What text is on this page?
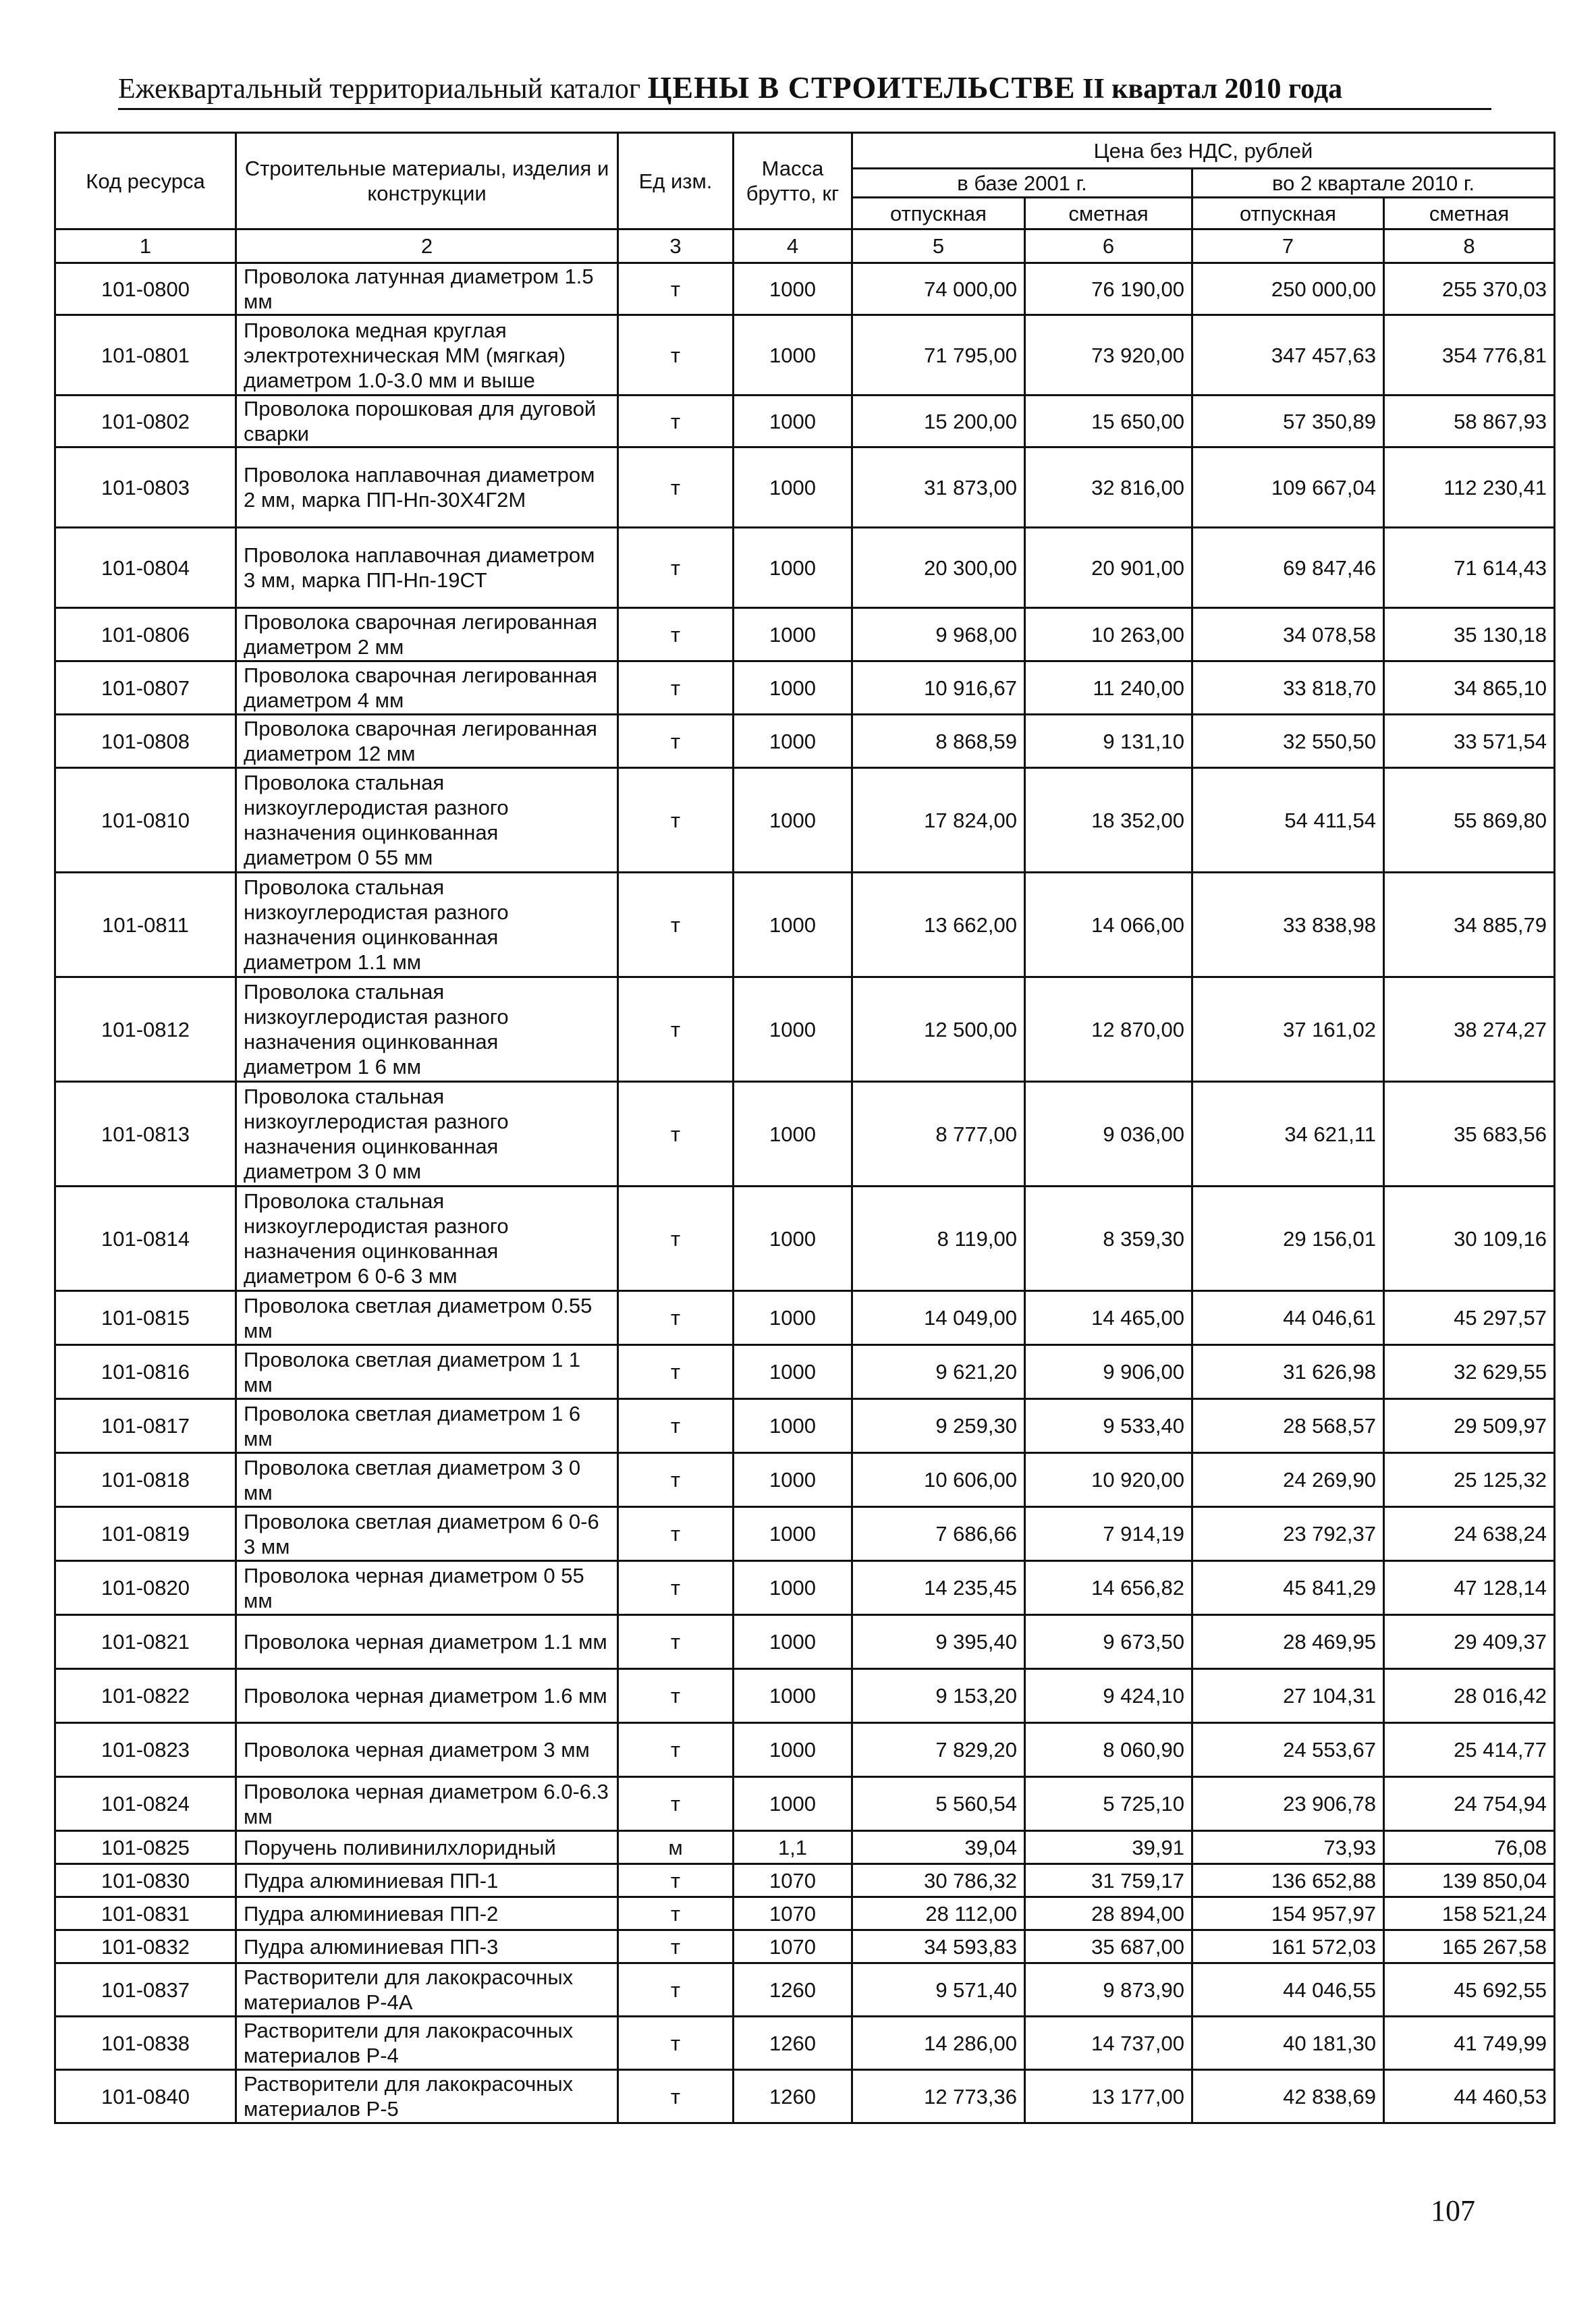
Ежеквартальный территориальный каталог ЦЕНЫ В СТРОИТЕЛЬСТВЕ II квартал 2010 года
Код ресурса	Строительные материалы, изделия и конструкции	Ед изм.	Масса брутто, кг	Цена без НДС, рублей			
				в базе 2001 г.		во 2 квартале 2010 г.	
				отпускная	сметная	отпускная	сметная
1	2	3	4	5	6	7	8
101-0800	Проволока латунная диаметром 1.5 мм	т	1000	74 000,00	76 190,00	250 000,00	255 370,03
101-0801	Проволока медная круглая электротехническая ММ (мягкая) диаметром 1.0-3.0 мм и выше	т	1000	71 795,00	73 920,00	347 457,63	354 776,81
101-0802	Проволока порошковая для дуговой сварки	т	1000	15 200,00	15 650,00	57 350,89	58 867,93
101-0803	Проволока наплавочная диаметром 2 мм, марка ПП-Нп-30Х4Г2М	т	1000	31 873,00	32 816,00	109 667,04	112 230,41
101-0804	Проволока наплавочная диаметром 3 мм, марка ПП-Нп-19СТ	т	1000	20 300,00	20 901,00	69 847,46	71 614,43
101-0806	Проволока сварочная легированная диаметром 2 мм	т	1000	9 968,00	10 263,00	34 078,58	35 130,18
101-0807	Проволока сварочная легированная диаметром 4 мм	т	1000	10 916,67	11 240,00	33 818,70	34 865,10
101-0808	Проволока сварочная легированная диаметром 12 мм	т	1000	8 868,59	9 131,10	32 550,50	33 571,54
101-0810	Проволока стальная низкоуглеродистая разного назначения оцинкованная диаметром 0 55 мм	т	1000	17 824,00	18 352,00	54 411,54	55 869,80
101-0811	Проволока стальная низкоуглеродистая разного назначения оцинкованная диаметром 1.1 мм	т	1000	13 662,00	14 066,00	33 838,98	34 885,79
101-0812	Проволока стальная низкоуглеродистая разного назначения оцинкованная диаметром 1 6 мм	т	1000	12 500,00	12 870,00	37 161,02	38 274,27
101-0813	Проволока стальная низкоуглеродистая разного назначения оцинкованная диаметром 3 0 мм	т	1000	8 777,00	9 036,00	34 621,11	35 683,56
101-0814	Проволока стальная низкоуглеродистая разного назначения оцинкованная диаметром 6 0-6 3 мм	т	1000	8 119,00	8 359,30	29 156,01	30 109,16
101-0815	Проволока светлая диаметром 0.55 мм	т	1000	14 049,00	14 465,00	44 046,61	45 297,57
101-0816	Проволока светлая диаметром 1 1 мм	т	1000	9 621,20	9 906,00	31 626,98	32 629,55
101-0817	Проволока светлая диаметром 1 6 мм	т	1000	9 259,30	9 533,40	28 568,57	29 509,97
101-0818	Проволока светлая диаметром 3 0 мм	т	1000	10 606,00	10 920,00	24 269,90	25 125,32
101-0819	Проволока светлая диаметром 6 0-6 3 мм	т	1000	7 686,66	7 914,19	23 792,37	24 638,24
101-0820	Проволока черная диаметром 0 55 мм	т	1000	14 235,45	14 656,82	45 841,29	47 128,14
101-0821	Проволока черная диаметром 1.1 мм	т	1000	9 395,40	9 673,50	28 469,95	29 409,37
101-0822	Проволока черная диаметром 1.6 мм	т	1000	9 153,20	9 424,10	27 104,31	28 016,42
101-0823	Проволока черная диаметром 3 мм	т	1000	7 829,20	8 060,90	24 553,67	25 414,77
101-0824	Проволока черная диаметром 6.0-6.3 мм	т	1000	5 560,54	5 725,10	23 906,78	24 754,94
101-0825	Поручень поливинилхлоридный	м	1,1	39,04	39,91	73,93	76,08
101-0830	Пудра алюминиевая ПП-1	т	1070	30 786,32	31 759,17	136 652,88	139 850,04
101-0831	Пудра алюминиевая ПП-2	т	1070	28 112,00	28 894,00	154 957,97	158 521,24
101-0832	Пудра алюминиевая ПП-3	т	1070	34 593,83	35 687,00	161 572,03	165 267,58
101-0837	Растворители для лакокрасочных материалов Р-4А	т	1260	9 571,40	9 873,90	44 046,55	45 692,55
101-0838	Растворители для лакокрасочных материалов Р-4	т	1260	14 286,00	14 737,00	40 181,30	41 749,99
101-0840	Растворители для лакокрасочных материалов Р-5	т	1260	12 773,36	13 177,00	42 838,69	44 460,53
107
